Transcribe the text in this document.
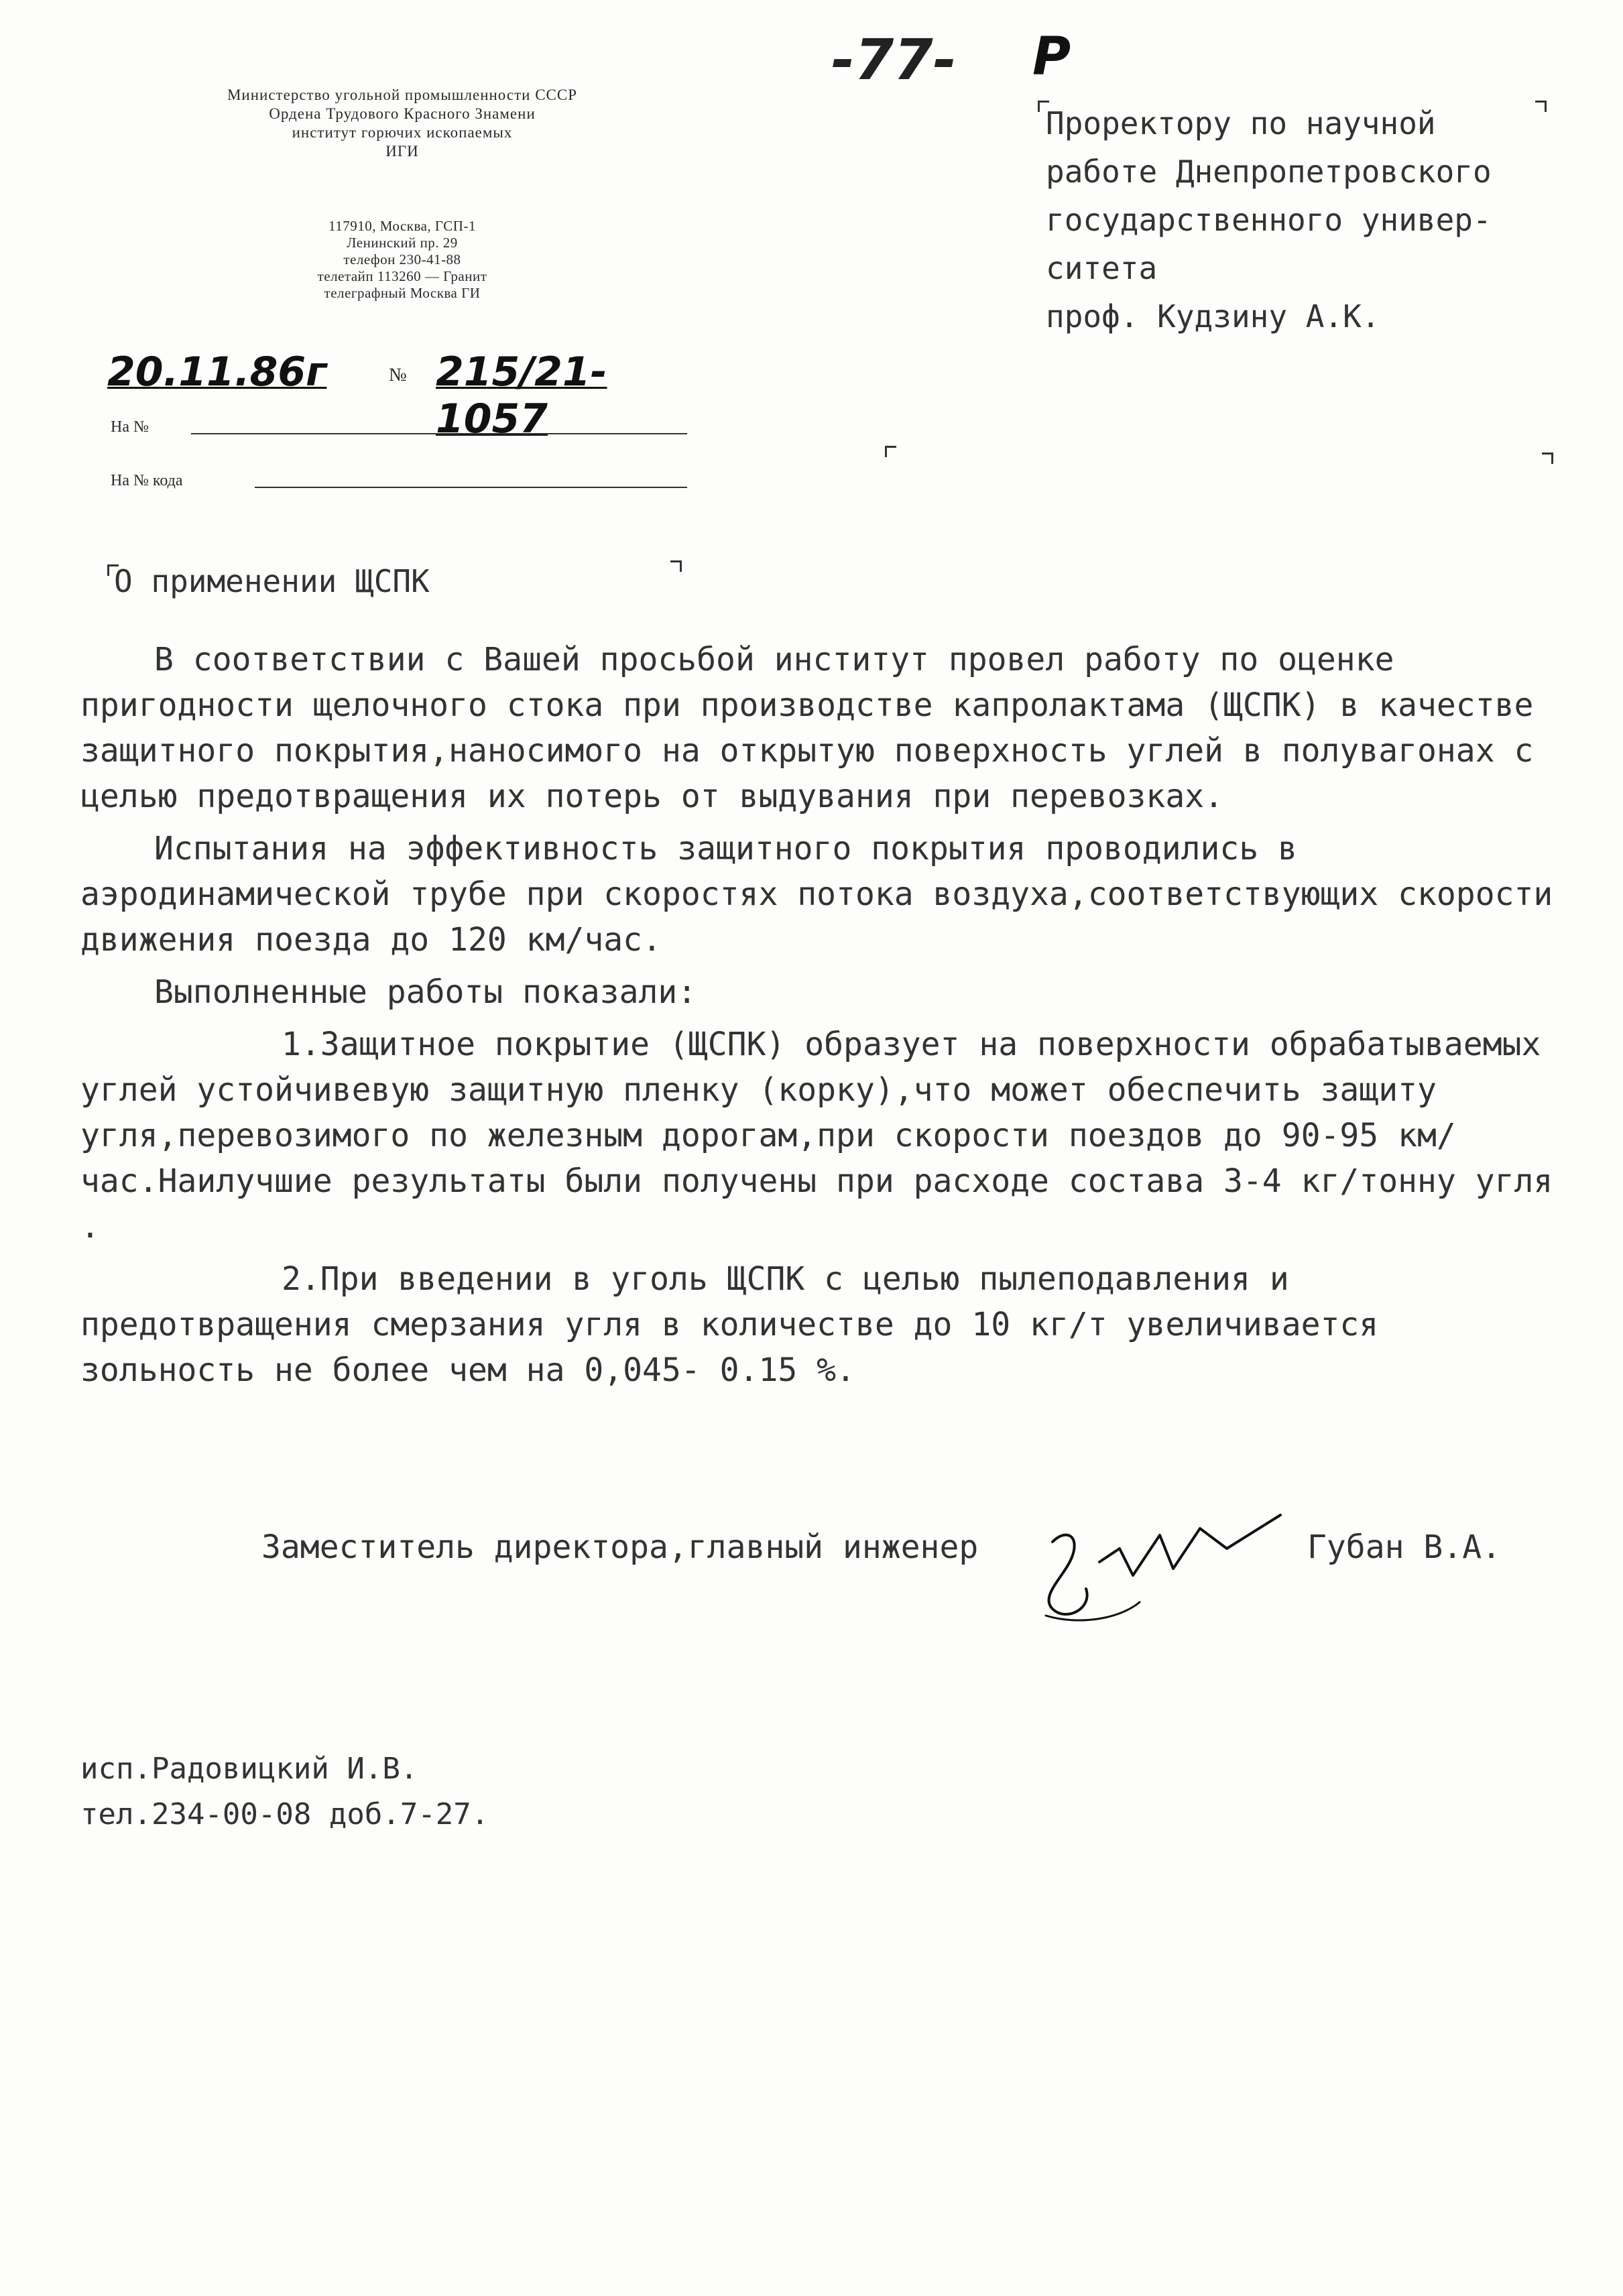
Министерство угольной промышленности СССР
Ордена Трудового Красного Знамени
институт горючих ископаемых
ИГИ
117910, Москва, ГСП-1
Ленинский пр. 29
телефон 230-41-88
телетайп 113260 — Гранит
телеграфный Москва ГИ
-77- P
Проректору по научной
работе Днепропетровского
государственного универ-
ситета
проф. Кудзину А.К.
20.11.86г	№ 215/21-1057
На №
На № кода
О применении ЩСПК

В соответствии с Вашей просьбой институт провел работу по оценке пригодности щелочного стока при производстве капролактама (ЩСПК) в качестве защитного покрытия,наносимого на открытую поверхность углей в полувагонах с целью предотвращения их потерь от выдувания при перевозках.

Испытания на эффективность защитного покрытия проводились в аэродинамической трубе при скоростях потока воздуха,соответствующих скорости движения поезда до 120 км/час.

Выполненные работы показали:

1.Защитное покрытие (ЩСПК) образует на поверхности обрабатываемых углей устойчивевую защитную пленку (корку),что может обеспечить защиту угля,перевозимого по железным дорогам,при скорости поездов до 90-95 км/час.Наилучшие результаты были получены при расходе состава 3-4 кг/тонну угля .

2.При введении в уголь ЩСПК с целью пылеподавления и предотвращения смерзания угля в количестве до 10 кг/т увеличивается зольность не более чем на 0,045- 0.15 %.

Заместитель директора,главный инженер	Губан В.А.
исп.Радовицкий И.В.
тел.234-00-08 доб.7-27.
